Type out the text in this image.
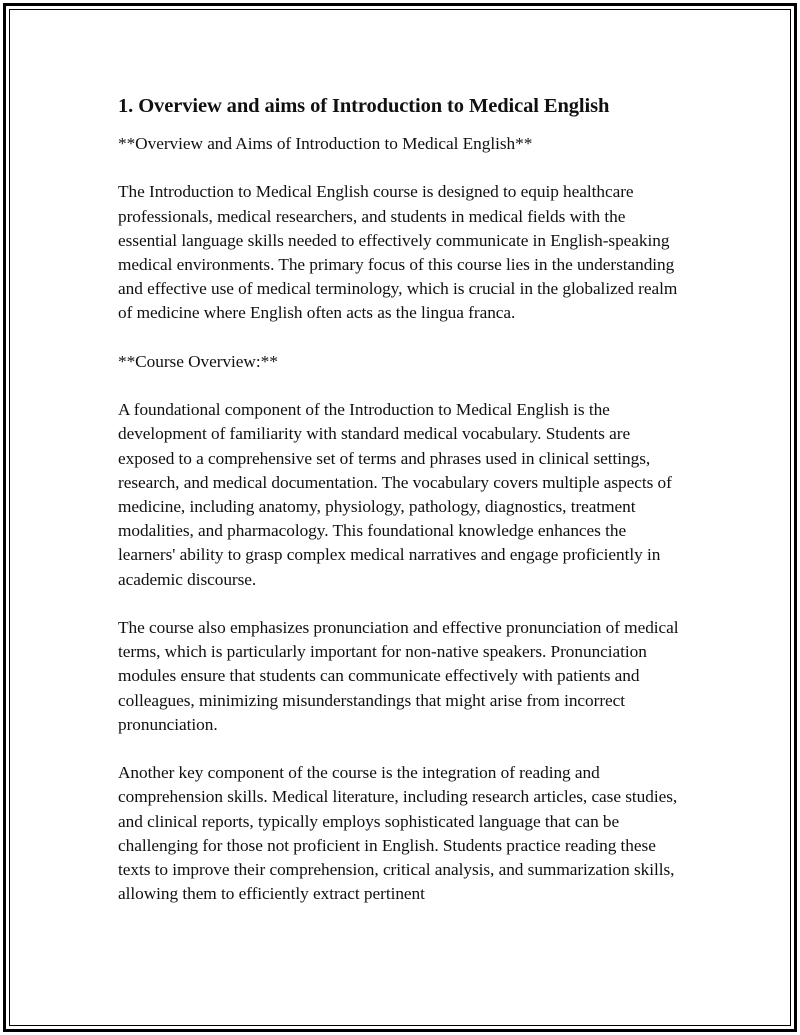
1. Overview and aims of Introduction to Medical English

**Overview and Aims of Introduction to Medical English**

The Introduction to Medical English course is designed to equip healthcare professionals, medical researchers, and students in medical fields with the essential language skills needed to effectively communicate in English-speaking medical environments. The primary focus of this course lies in the understanding and effective use of medical terminology, which is crucial in the globalized realm of medicine where English often acts as the lingua franca.

**Course Overview:**

A foundational component of the Introduction to Medical English is the development of familiarity with standard medical vocabulary. Students are exposed to a comprehensive set of terms and phrases used in clinical settings, research, and medical documentation. The vocabulary covers multiple aspects of medicine, including anatomy, physiology, pathology, diagnostics, treatment modalities, and pharmacology. This foundational knowledge enhances the learners' ability to grasp complex medical narratives and engage proficiently in academic discourse.

The course also emphasizes pronunciation and effective pronunciation of medical terms, which is particularly important for non-native speakers. Pronunciation modules ensure that students can communicate effectively with patients and colleagues, minimizing misunderstandings that might arise from incorrect pronunciation.

Another key component of the course is the integration of reading and comprehension skills. Medical literature, including research articles, case studies, and clinical reports, typically employs sophisticated language that can be challenging for those not proficient in English. Students practice reading these texts to improve their comprehension, critical analysis, and summarization skills, allowing them to efficiently extract pertinent
